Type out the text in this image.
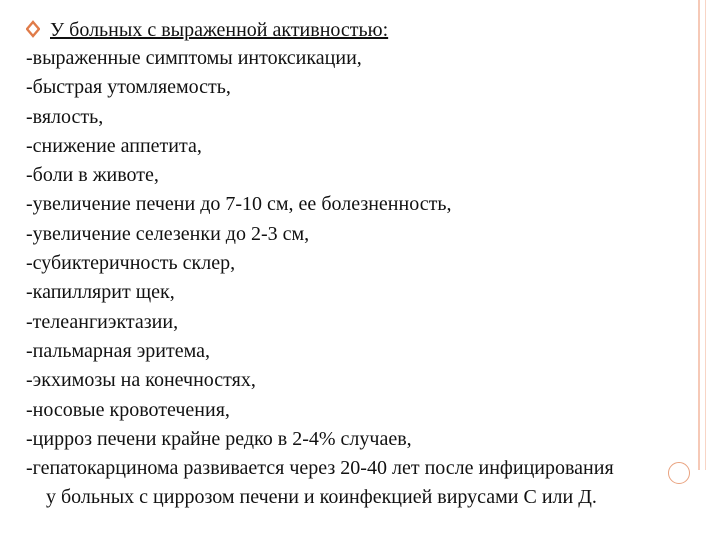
У больных с выраженной активностью:
-выраженные симптомы интоксикации,
-быстрая утомляемость,
-вялость,
-снижение аппетита,
-боли в животе,
-увеличение печени до 7-10 см, ее болезненность,
-увеличение селезенки до 2-3 см,
-субиктеричность склер,
-капиллярит щек,
-телеангиэктазии,
-пальмарная эритема,
-экхимозы на конечностях,
-носовые кровотечения,
-цирроз печени крайне редко в 2-4% случаев,
-гепатокарцинома развивается через 20-40 лет после инфицирования
у больных с циррозом печени и коинфекцией вирусами С или Д.
